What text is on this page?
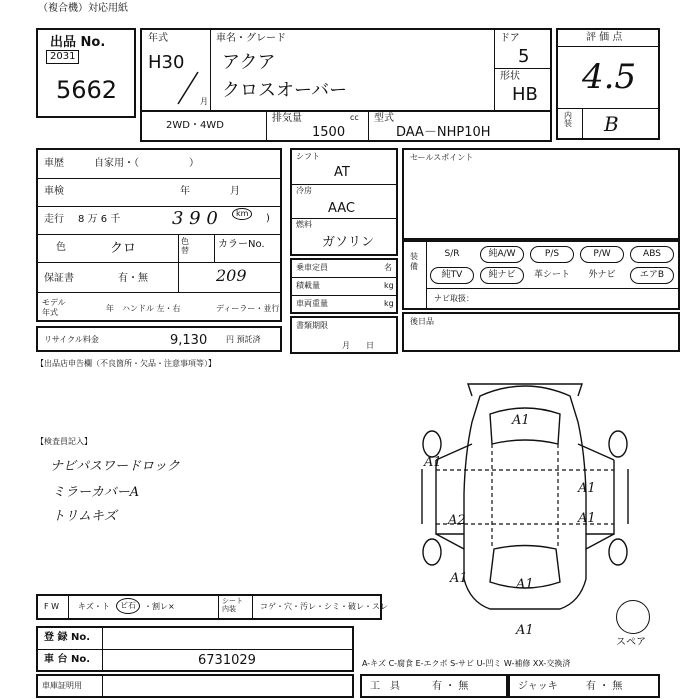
（複合機）対応用紙
出品 No.
2031
5662
年式
H30
月
車名・グレード
アクア
クロスオーバー
ドア
5
形状
HB
評 価 点
4.5
内装 B
2WD・4WD
排気量	cc
1500
型式
DAA－NHP10H
車歴	自家用・（　　　　　）
車検	年　　　　月
走行 8 万 6 千	3 9 0	km	)
色	クロ	色替
カラーNo.
保証書	有・無	209
モデル年式	年 ハンドル 左・右	ディーラー・並行
リサイクル料金	9,130 円 預託済
シフト
AT
冷房
AAC
燃料
ガソリン
乗車定員	名
積載量	kg
車両重量	kg
書類期限
月　　日
セールスポイント
装備
ナビ取扱：
S/R	純A/W	P/S	P/W	ABS
純TV	純ナビ	革シート	外ナビ	エアB
後日品
【出品店申告欄（不良箇所・欠品・注意事項等）】
【検査員記入】
ナビパスワードロック
ミラーカバーA
トリムキズ
A1
A1
A1
A1
A2
A1	A1
A1
スペア
F W キズ・ト	ビ石	・割レ×
シート内装	コゲ・穴・汚レ・シミ・破レ・スレ
登 録 No.
車 台 No.	6731029
車庫証明用
A-キズ C-腐食 E-エクボ S-サビ U-凹ミ W-補修 XX-交換済
工　具	有 ・ 無	ジャッキ	有 ・ 無
